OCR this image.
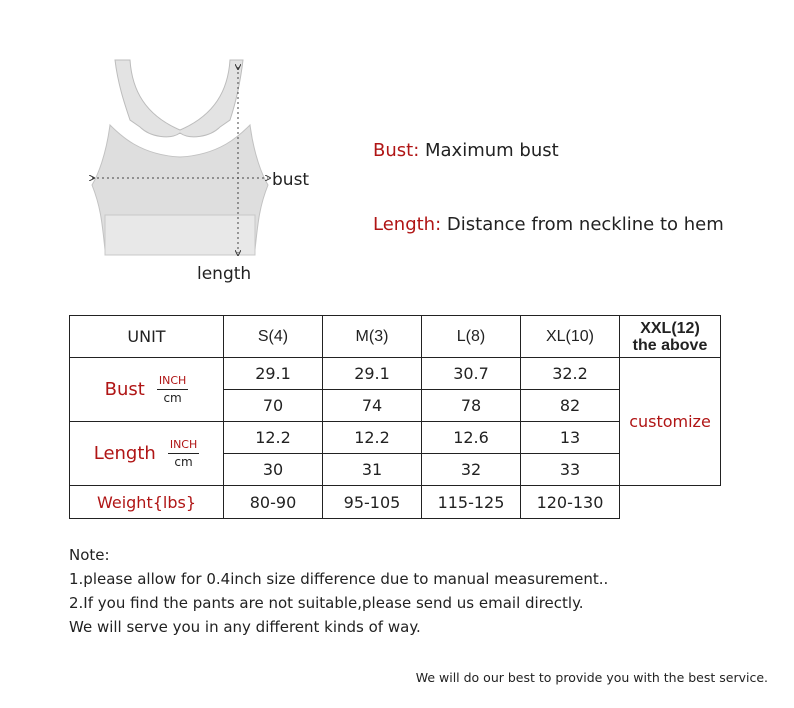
bust
length
Bust: Maximum bust
Length: Distance from neckline to hem
UNIT	S(4)	M(3)	L(8)	XL(10)	XXL(12)
the above

Bust $\frac{\text{INCH}}{cm}$	29.1	29.1	30.7	32.2	customize
	70	74	78	82	

Length $\frac{\text{INCH}}{cm}$	12.2	12.2	12.6	13	
	30	31	32	33	
Weight{lbs}	80-90	95-105	115-125	120-130	
Note:
1.please allow for 0.4inch size difference due to manual measurement..
2.If you find the pants are not suitable,please send us email directly.
We will serve you in any different kinds of way.
We will do our best to provide you with the best service.
